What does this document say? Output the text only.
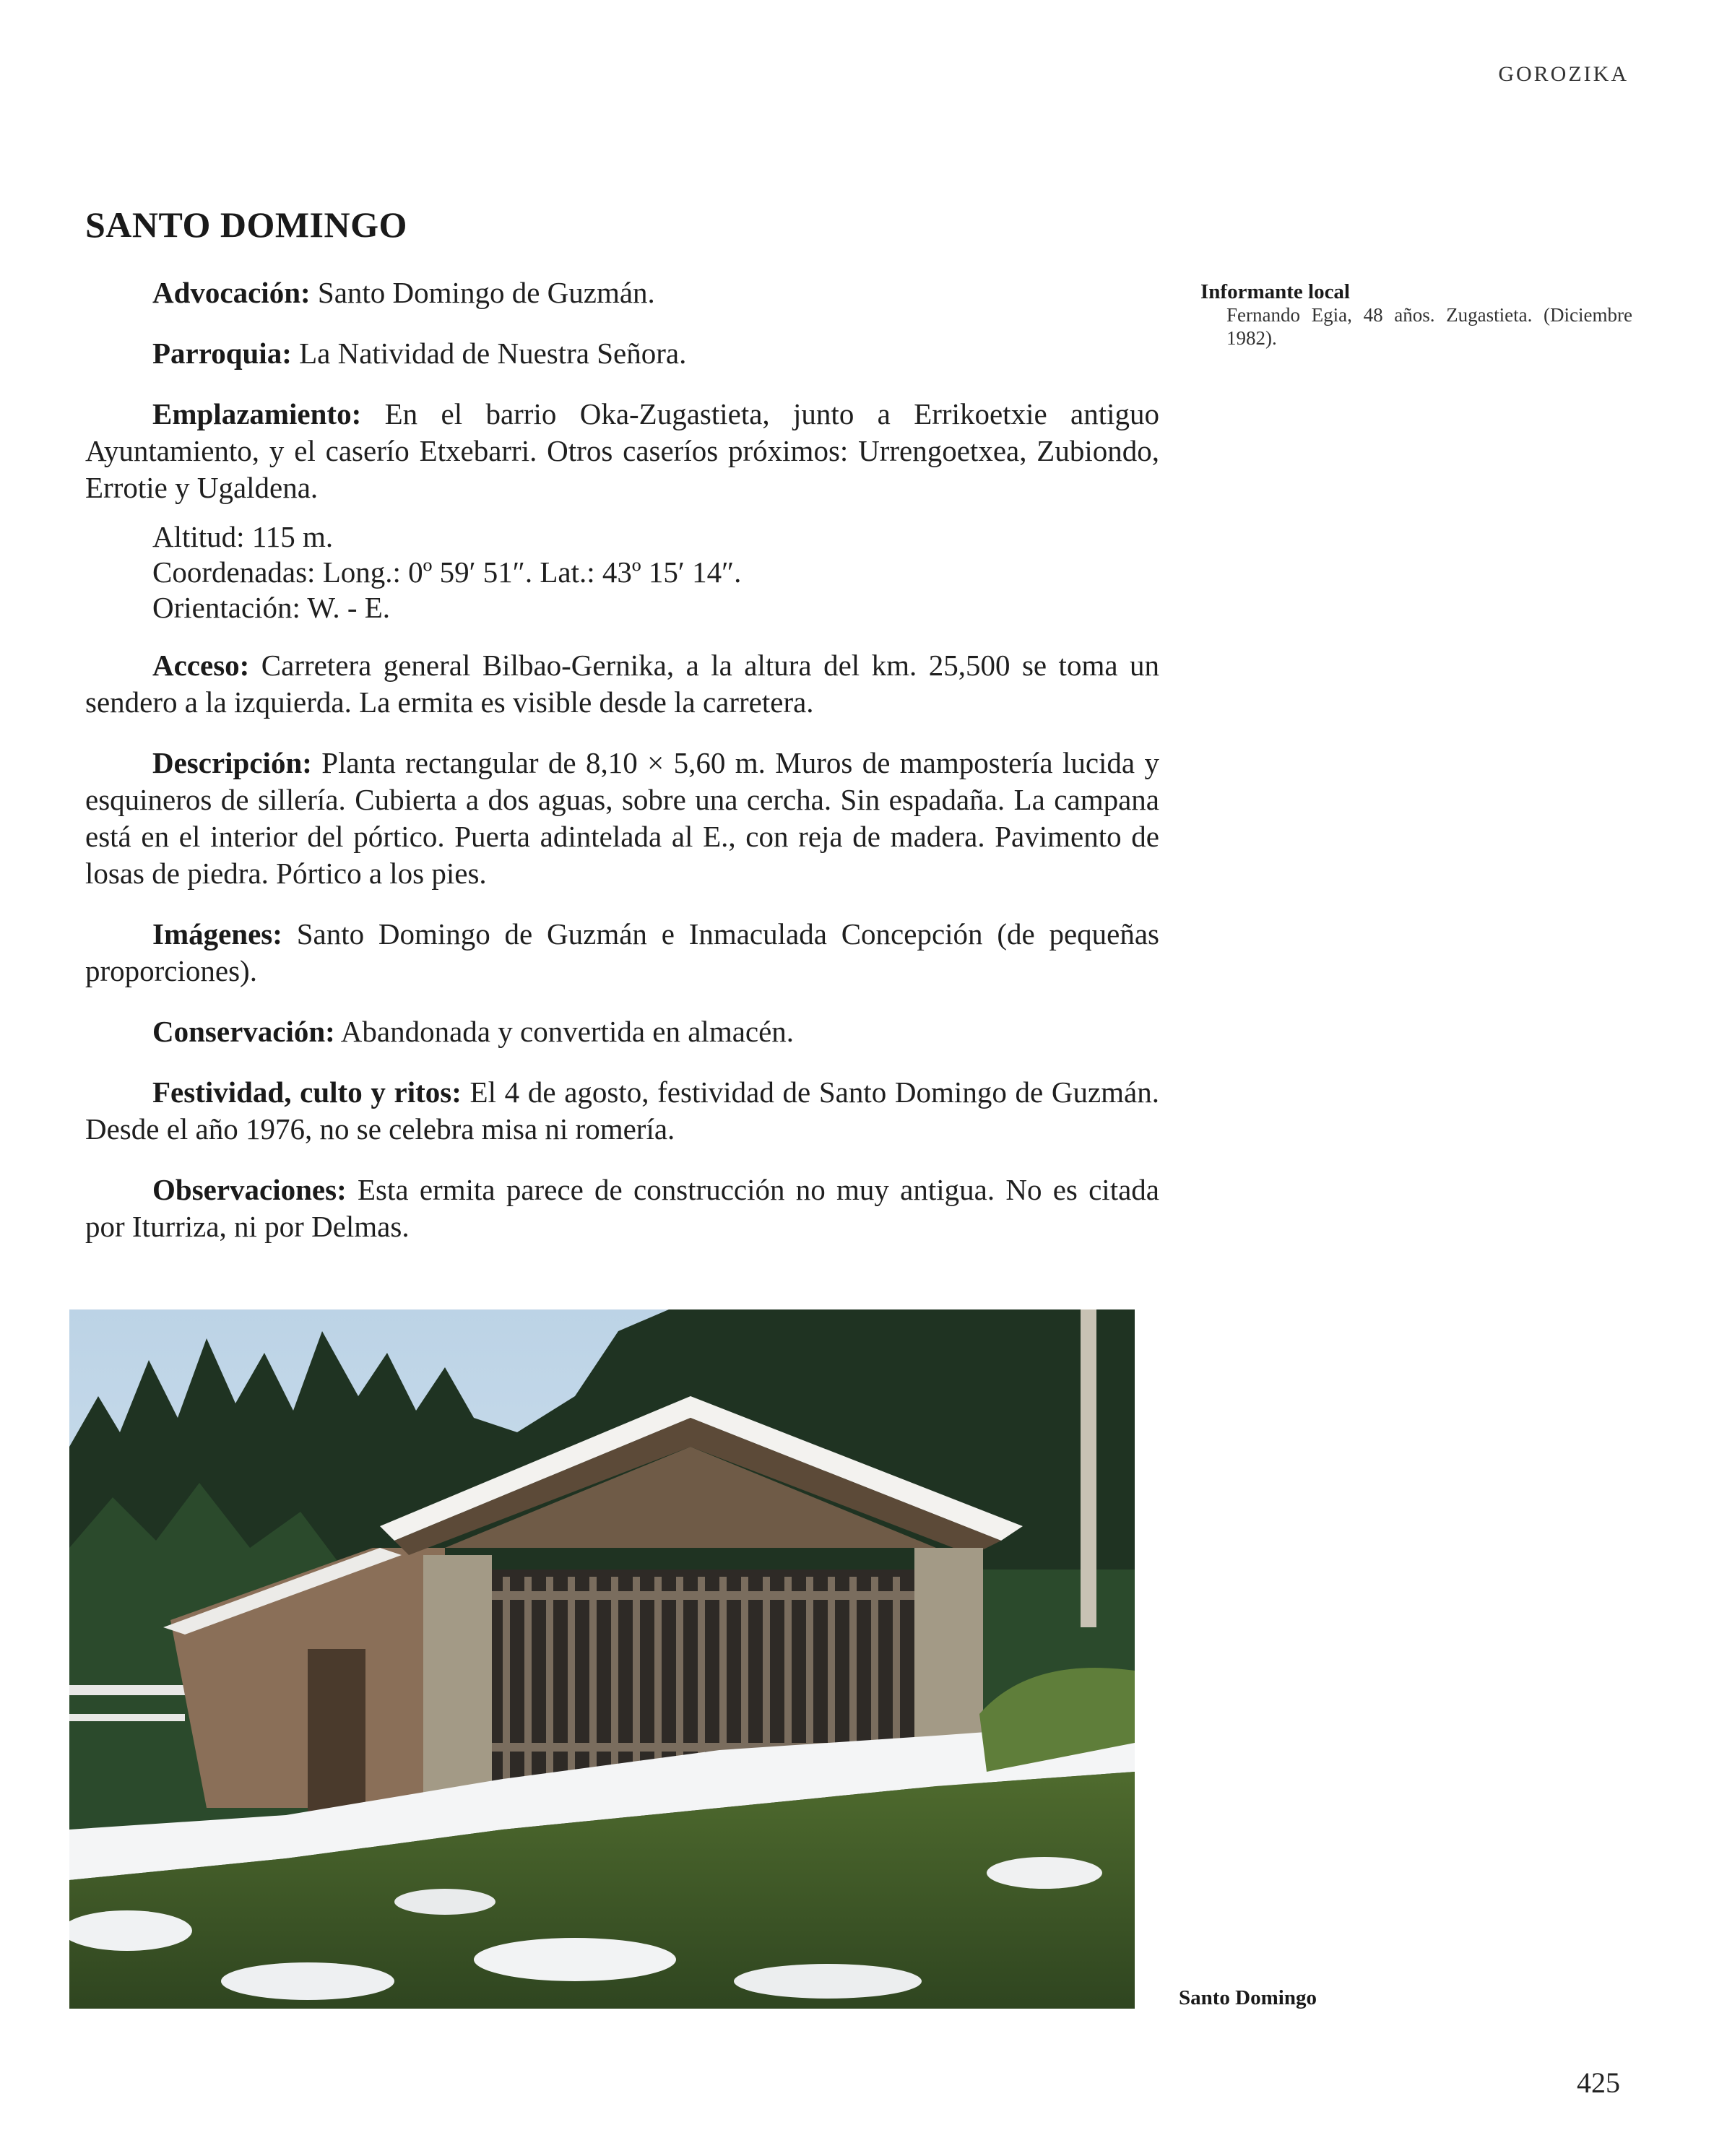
GOROZIKA
SANTO DOMINGO

Advocación: Santo Domingo de Guzmán.

Parroquia: La Natividad de Nuestra Señora.

Emplazamiento: En el barrio Oka-Zugastieta, junto a Errikoetxie antiguo Ayuntamiento, y el caserío Etxebarri. Otros caseríos próximos: Urrengoetxea, Zubiondo, Errotie y Ugaldena.

Altitud: 115 m.
Coordenadas: Long.: 0º 59′ 51″. Lat.: 43º 15′ 14″.
Orientación: W. - E.

Acceso: Carretera general Bilbao-Gernika, a la altura del km. 25,500 se toma un sendero a la izquierda. La ermita es visible desde la carretera.

Descripción: Planta rectangular de 8,10 × 5,60 m. Muros de mampostería lucida y esquineros de sillería. Cubierta a dos aguas, sobre una cercha. Sin espadaña. La campana está en el interior del pórtico. Puerta adintelada al E., con reja de madera. Pavimento de losas de piedra. Pórtico a los pies.

Imágenes: Santo Domingo de Guzmán e Inmaculada Concepción (de pequeñas proporciones).

Conservación: Abandonada y convertida en almacén.

Festividad, culto y ritos: El 4 de agosto, festividad de Santo Domingo de Guzmán. Desde el año 1976, no se celebra misa ni romería.

Observaciones: Esta ermita parece de construcción no muy antigua. No es citada por Iturriza, ni por Delmas.

Informante local
Fernando Egia, 48 años. Zugastieta. (Diciembre 1982).
Santo Domingo
425
